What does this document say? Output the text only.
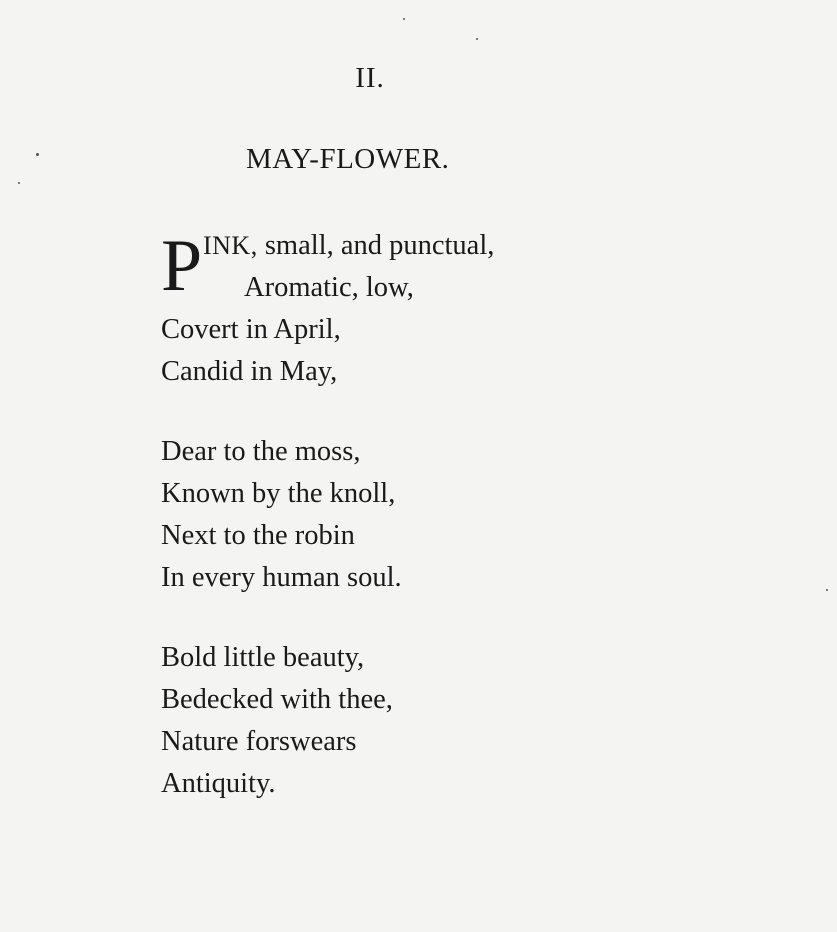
II.
MAY-FLOWER.
P INK, small, and punctual,
Aromatic, low,
Covert in April,
Candid in May,
Dear to the moss,
Known by the knoll,
Next to the robin
In every human soul.
Bold little beauty,
Bedecked with thee,
Nature forswears
Antiquity.
